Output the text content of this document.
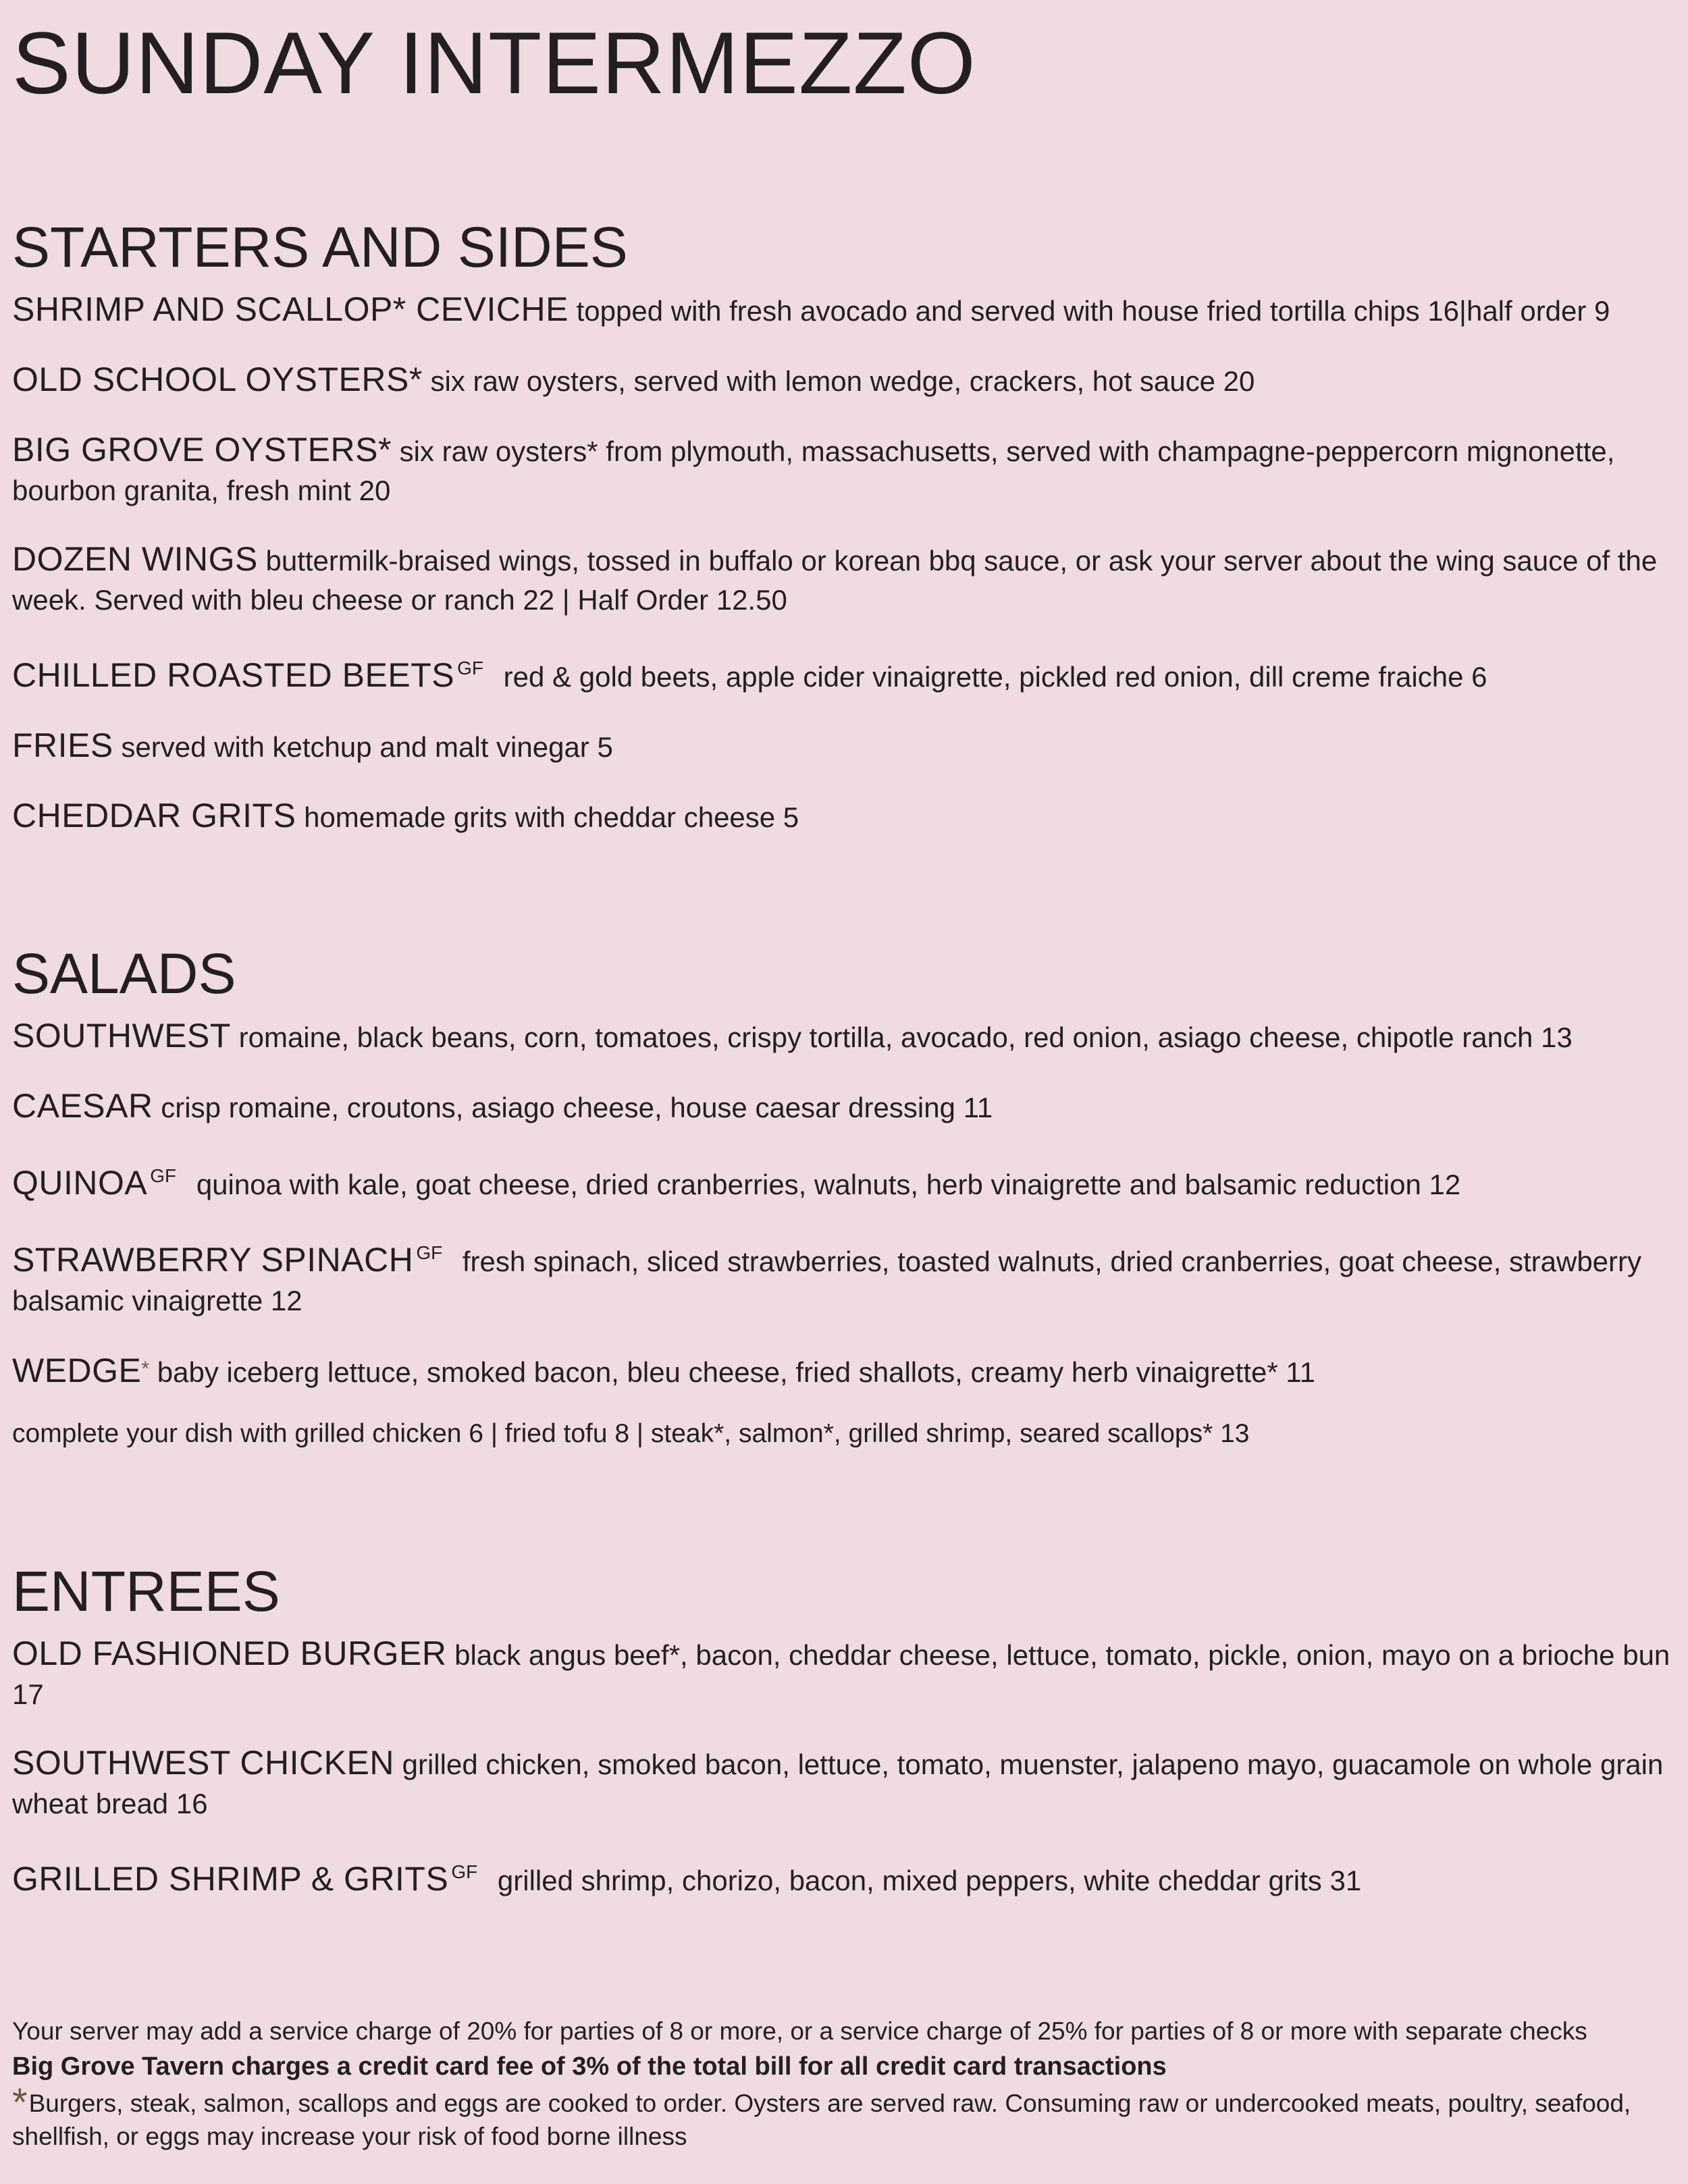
SUNDAY INTERMEZZO
STARTERS AND SIDES
SHRIMP AND SCALLOP* CEVICHE topped with fresh avocado and served with house fried tortilla chips 16|half order 9
OLD SCHOOL OYSTERS* six raw oysters, served with lemon wedge, crackers, hot sauce 20
BIG GROVE OYSTERS* six raw oysters* from plymouth, massachusetts, served with champagne-peppercorn mignonette, bourbon granita, fresh mint 20
DOZEN WINGS buttermilk-braised wings, tossed in buffalo or korean bbq sauce, or ask your server about the wing sauce of the week. Served with bleu cheese or ranch 22 | Half Order 12.50
CHILLED ROASTED BEETS $^{GF}$ red & gold beets, apple cider vinaigrette, pickled red onion, dill creme fraiche 6
FRIES served with ketchup and malt vinegar 5
CHEDDAR GRITS homemade grits with cheddar cheese 5
SALADS
SOUTHWEST romaine, black beans, corn, tomatoes, crispy tortilla, avocado, red onion, asiago cheese, chipotle ranch 13
CAESAR crisp romaine, croutons, asiago cheese, house caesar dressing 11
QUINOA $^{GF}$ quinoa with kale, goat cheese, dried cranberries, walnuts, herb vinaigrette and balsamic reduction 12
STRAWBERRY SPINACH $^{GF}$ fresh spinach, sliced strawberries, toasted walnuts, dried cranberries, goat cheese, strawberry balsamic vinaigrette 12
WEDGE* baby iceberg lettuce, smoked bacon, bleu cheese, fried shallots, creamy herb vinaigrette* 11
complete your dish with grilled chicken 6 | fried tofu 8 | steak*, salmon*, grilled shrimp, seared scallops* 13
ENTREES
OLD FASHIONED BURGER black angus beef*, bacon, cheddar cheese, lettuce, tomato, pickle, onion, mayo on a brioche bun 17
SOUTHWEST CHICKEN grilled chicken, smoked bacon, lettuce, tomato, muenster, jalapeno mayo, guacamole on whole grain wheat bread 16
GRILLED SHRIMP & GRITS $^{GF}$ grilled shrimp, chorizo, bacon, mixed peppers, white cheddar grits 31

Your server may add a service charge of 20% for parties of 8 or more, or a service charge of 25% for parties of 8 or more with separate checks

Big Grove Tavern charges a credit card fee of 3% of the total bill for all credit card transactions

*Burgers, steak, salmon, scallops and eggs are cooked to order. Oysters are served raw. Consuming raw or undercooked meats, poultry, seafood, shellfish, or eggs may increase your risk of food borne illness
